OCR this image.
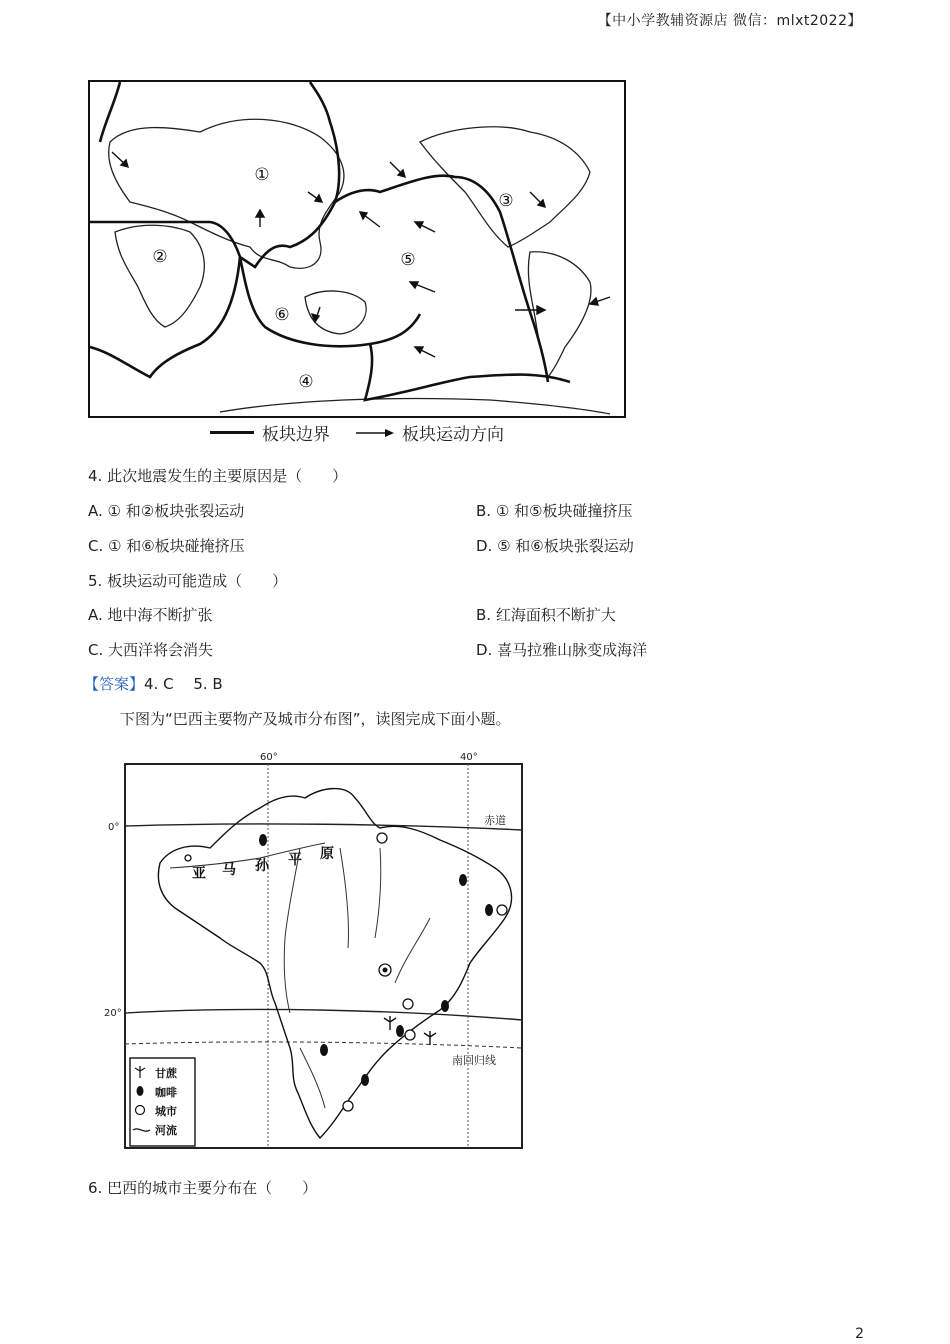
【中小学教辅资源店 微信：mlxt2022】
①
②
③
④
⑤
⑥
板块边界	板块运动方向
4. 此次地震发生的主要原因是（　　）
A. ① 和②板块张裂运动	B. ① 和⑤板块碰撞挤压
C. ① 和⑥板块碰掩挤压	D. ⑤ 和⑥板块张裂运动
5. 板块运动可能造成（　　）
A. 地中海不断扩张	B. 红海面积不断扩大
C. 大西洋将会消失	D. 喜马拉雅山脉变成海洋
【答案】4. C　 5. B
下图为“巴西主要物产及城市分布图”，读图完成下面小题。
60°	40°
0°
20°
赤道
南回归线
亚 马 孙 平 原
甘蔗
咖啡
城市
河流
6. 巴西的城市主要分布在（　　）
2
